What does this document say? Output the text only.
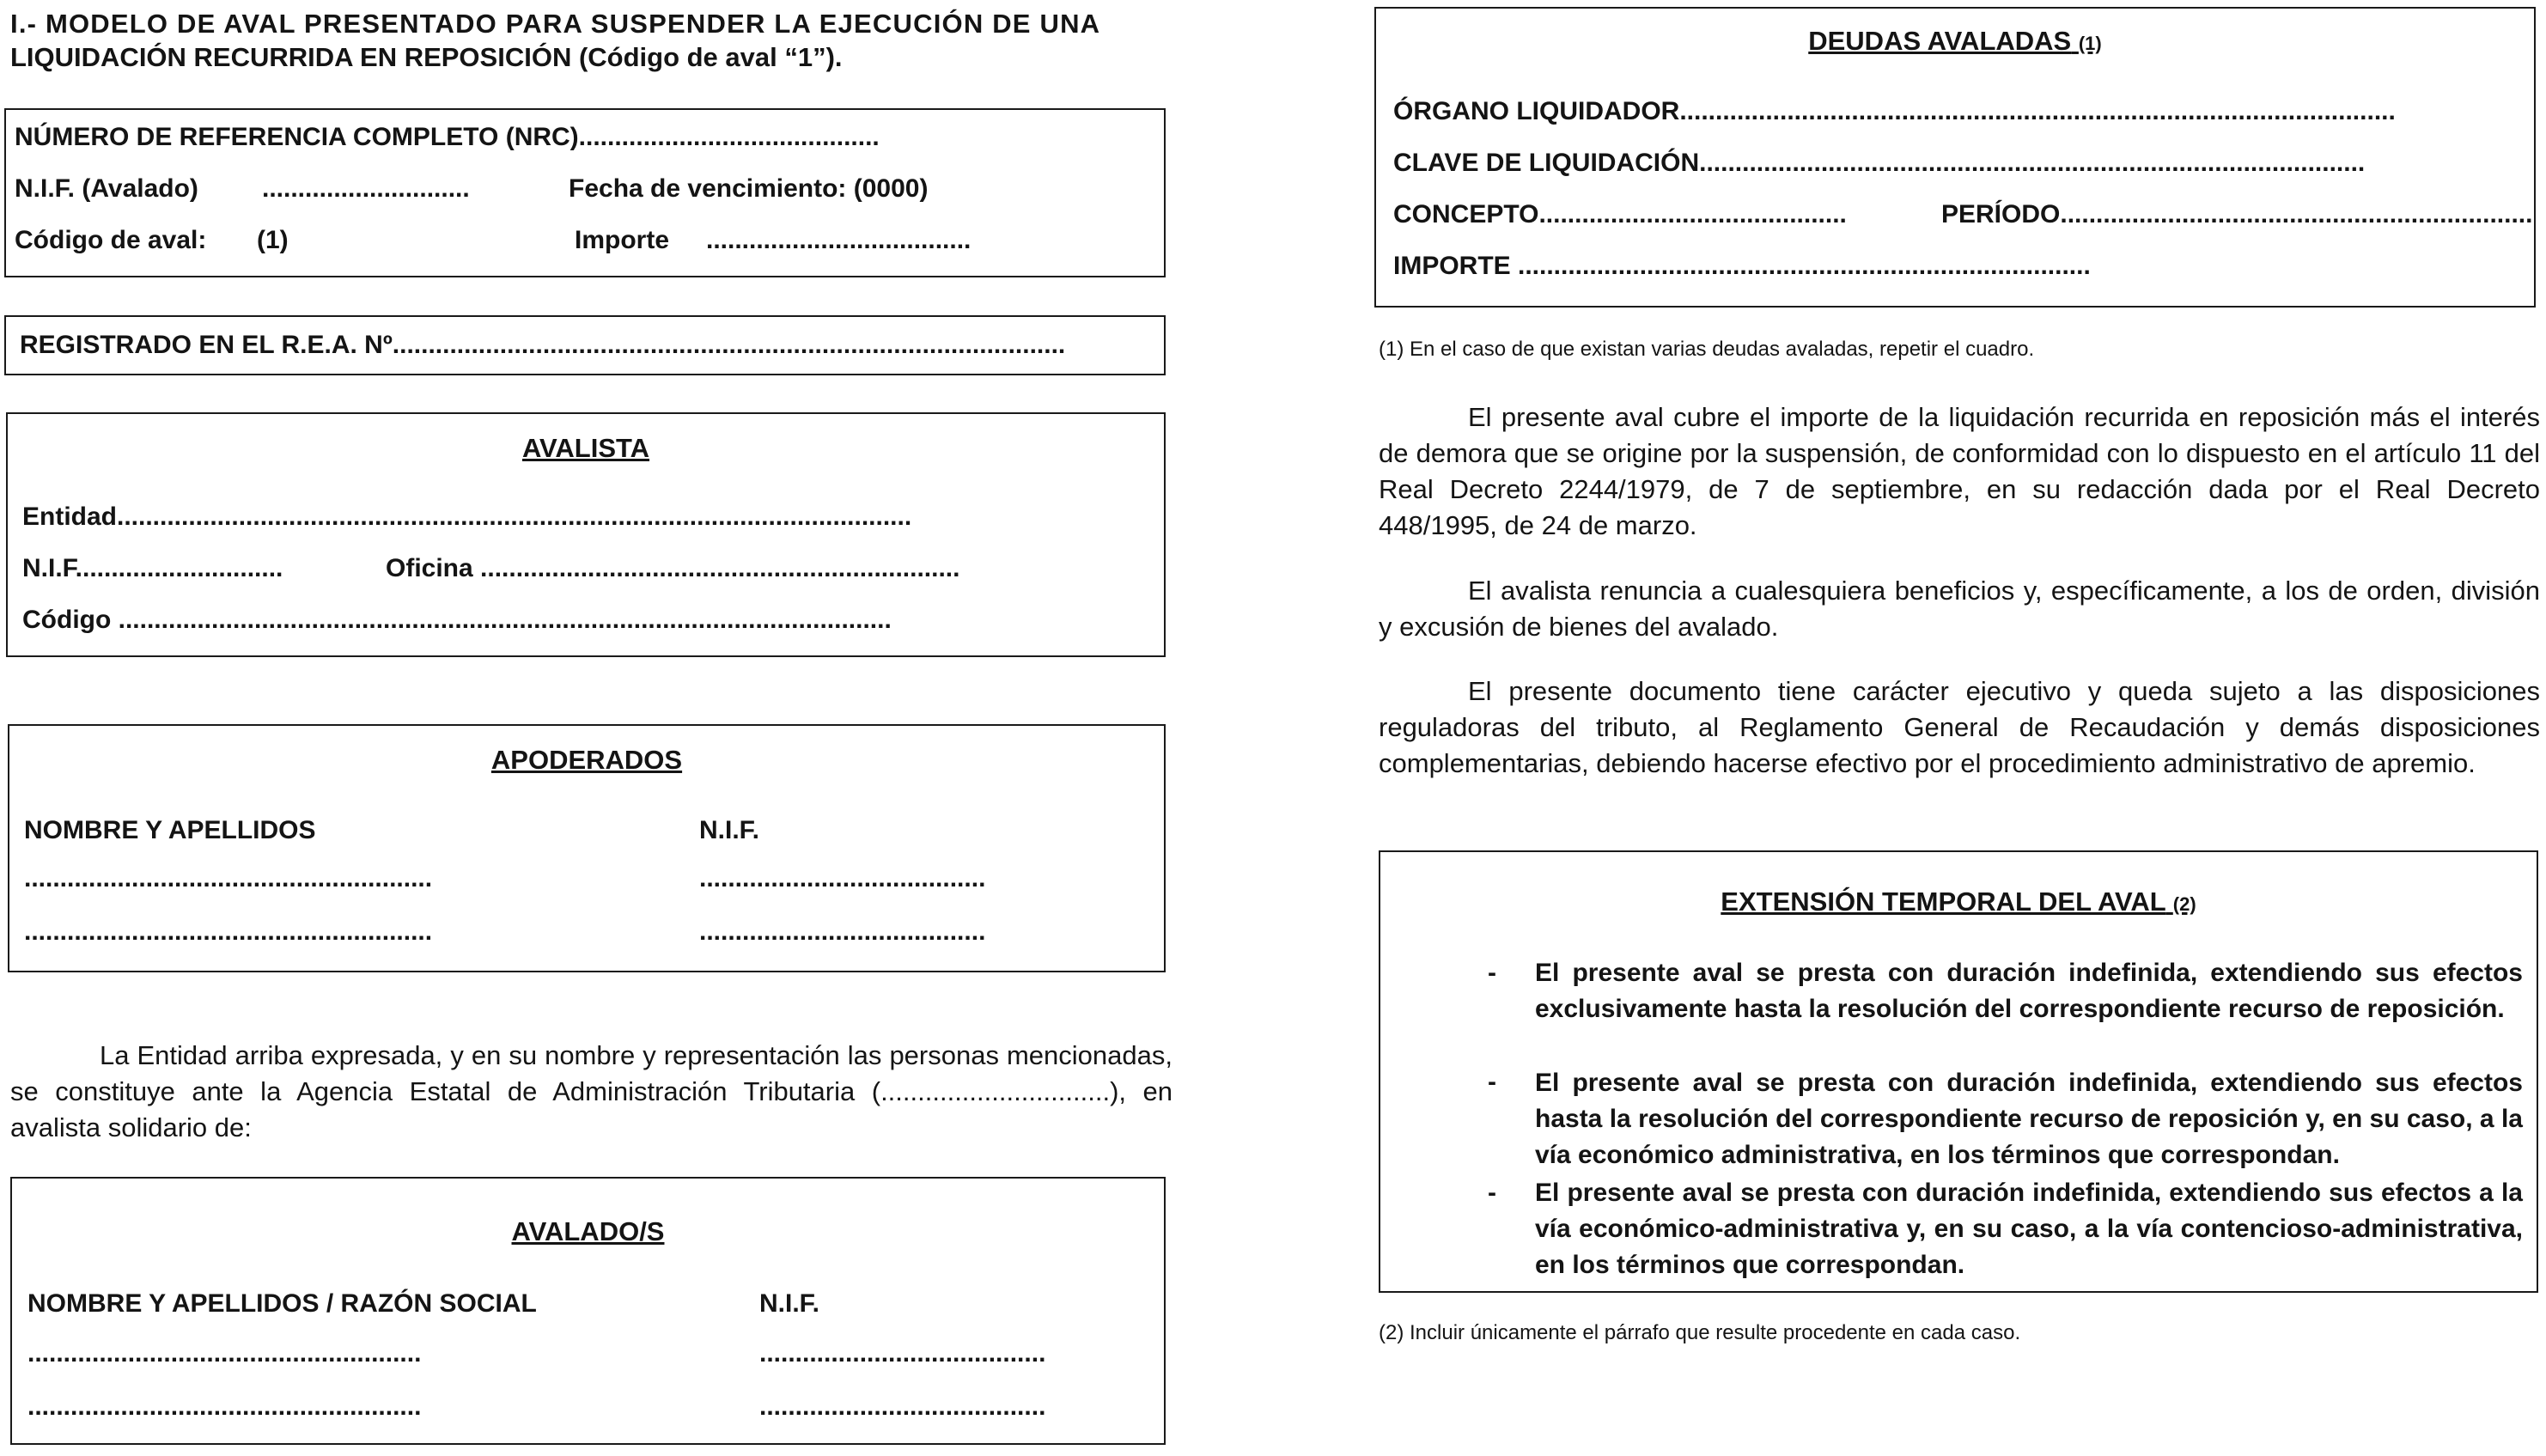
I.- MODELO DE AVAL PRESENTADO PARA SUSPENDER LA EJECUCIÓN DE UNA
LIQUIDACIÓN RECURRIDA EN REPOSICIÓN (Código de aval “1”).
NÚMERO DE REFERENCIA COMPLETO (NRC)..........................................
N.I.F. (Avalado) .............................	Fecha de vencimiento: (0000)
Código de aval: (1)	Importe .....................................
REGISTRADO EN EL R.E.A. Nº..............................................................................................
AVALISTA
Entidad...............................................................................................................
N.I.F.............................	Oficina ...................................................................
Código ............................................................................................................
APODERADOS
NOMBRE Y APELLIDOS	N.I.F.
.........................................................	........................................
.........................................................	........................................
La Entidad arriba expresada, y en su nombre y representación las personas mencionadas, se constituye ante la Agencia Estatal de Administración Tributaria (...............................), en avalista solidario de:
AVALADO/S
NOMBRE Y APELLIDOS / RAZÓN SOCIAL	N.I.F.
.......................................................	........................................
.......................................................	........................................
DEUDAS AVALADAS (1)
ÓRGANO LIQUIDADOR....................................................................................................
CLAVE DE LIQUIDACIÓN.............................................................................................
CONCEPTO...........................................	PERÍODO..................................................................
IMPORTE ................................................................................
(1) En el caso de que existan varias deudas avaladas, repetir el cuadro.
El presente aval cubre el importe de la liquidación recurrida en reposición más el interés de demora que se origine por la suspensión, de conformidad con lo dispuesto en el artículo 11 del Real Decreto 2244/1979, de 7 de septiembre, en su redacción dada por el Real Decreto 448/1995, de 24 de marzo.
El avalista renuncia a cualesquiera beneficios y, específicamente, a los de orden, división y excusión de bienes del avalado.
El presente documento tiene carácter ejecutivo y queda sujeto a las disposiciones reguladoras del tributo, al Reglamento General de Recaudación y demás disposiciones complementarias, debiendo hacerse efectivo por el procedimiento administrativo de apremio.
EXTENSIÓN TEMPORAL DEL AVAL (2)
- El presente aval se presta con duración indefinida, extendiendo sus efectos exclusivamente hasta la resolución del correspondiente recurso de reposición.
- El presente aval se presta con duración indefinida, extendiendo sus efectos hasta la resolución del correspondiente recurso de reposición y, en su caso, a la vía económico administrativa, en los términos que correspondan.
- El presente aval se presta con duración indefinida, extendiendo sus efectos a la vía económico-administrativa y, en su caso, a la vía contencioso-administrativa, en los términos que correspondan.
(2) Incluir únicamente el párrafo que resulte procedente en cada caso.
